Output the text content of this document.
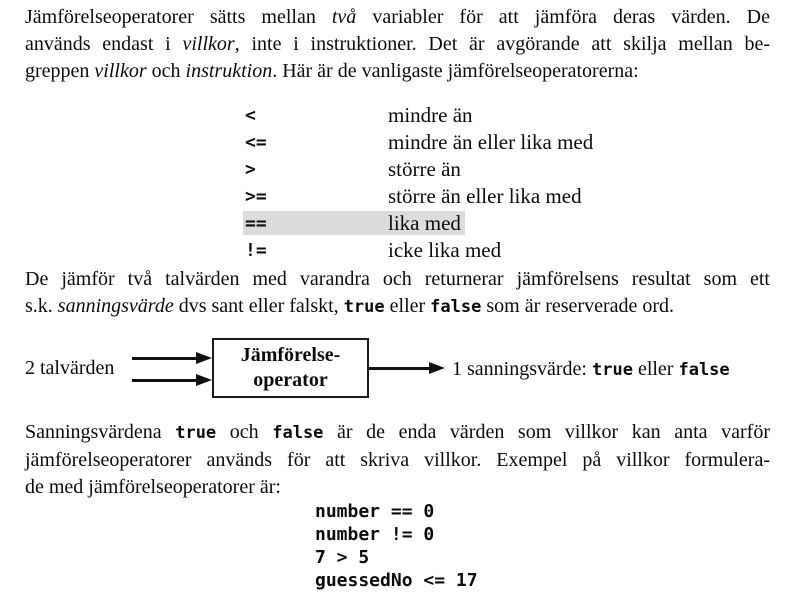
Jämförelseoperatorer sätts mellan två variabler för att jämföra deras värden. De
används endast i villkor, inte i instruktioner. Det är avgörande att skilja mellan be-
greppen villkor och instruktion. Här är de vanligaste jämförelseoperatorerna:
<	mindre än
<=	mindre än eller lika med
>	större än
>=	större än eller lika med
==	lika med
!=	icke lika med
De jämför två talvärden med varandra och returnerar jämförelsens resultat som ett
s.k. sanningsvärde dvs sant eller falskt, true eller false som är reserverade ord.
2 talvärden
Jämförelse-
operator	1 sanningsvärde: true eller false
Sanningsvärdena true och false är de enda värden som villkor kan anta varför
jämförelseoperatorer används för att skriva villkor. Exempel på villkor formulera-
de med jämförelseoperatorer är:
number == 0
number != 0
7 > 5
guessedNo <= 17
